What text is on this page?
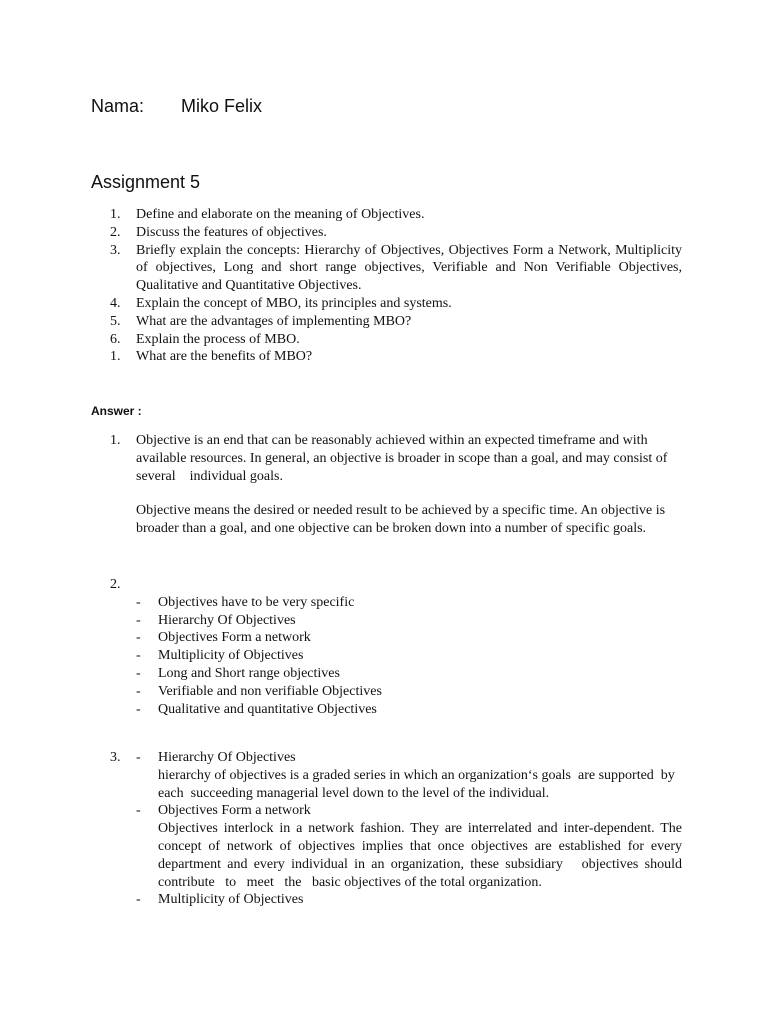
Nama: Miko Felix
Assignment 5
1. Define and elaborate on the meaning of Objectives.
2. Discuss the features of objectives.
3. Briefly explain the concepts: Hierarchy of Objectives, Objectives Form a Network, Multiplicity of objectives, Long and short range objectives, Verifiable and Non Verifiable Objectives, Qualitative and Quantitative Objectives.
4. Explain the concept of MBO, its principles and systems.
5. What are the advantages of implementing MBO?
6. Explain the process of MBO.
1. What are the benefits of MBO?
Answer :
1. Objective is an end that can be reasonably achieved within an expected timeframe and with available resources. In general, an objective is broader in scope than a goal, and may consist of several    individual goals.
Objective means the desired or needed result to be achieved by a specific time. An objective is broader than a goal, and one objective can be broken down into a number of specific goals.
2.
- Objectives have to be very specific
- Hierarchy Of Objectives
- Objectives Form a network
- Multiplicity of Objectives
- Long and Short range objectives
- Verifiable and non verifiable Objectives
- Qualitative and quantitative Objectives
3. - Hierarchy Of Objectives
hierarchy of objectives is a graded series in which an organization‘s goals  are supported  by each  succeeding managerial level down to the level of the individual.
- Objectives Form a network
Objectives interlock in a network fashion. They are interrelated and inter-dependent. The concept of network of objectives implies that once objectives are established for every department and every individual in an organization, these subsidiary   objectives should   contribute   to   meet   the   basic objectives of the total organization.
- Multiplicity of Objectives
